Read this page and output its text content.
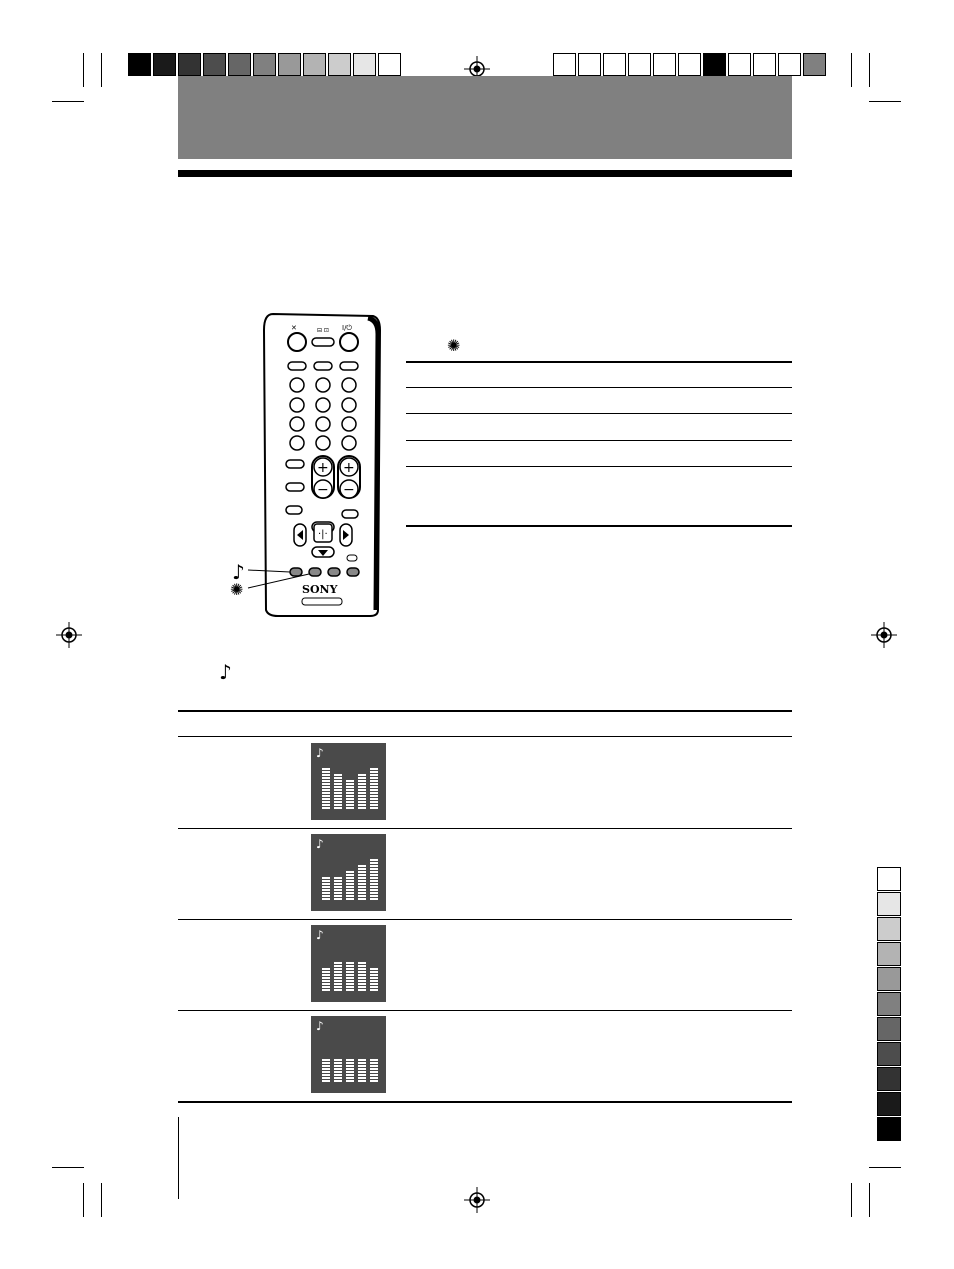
✕	⊟ ⊡ I/⏻
+
−
+
−
·|·
SONY
♪
✺
✺
♪
♪
♪
♪
♪
